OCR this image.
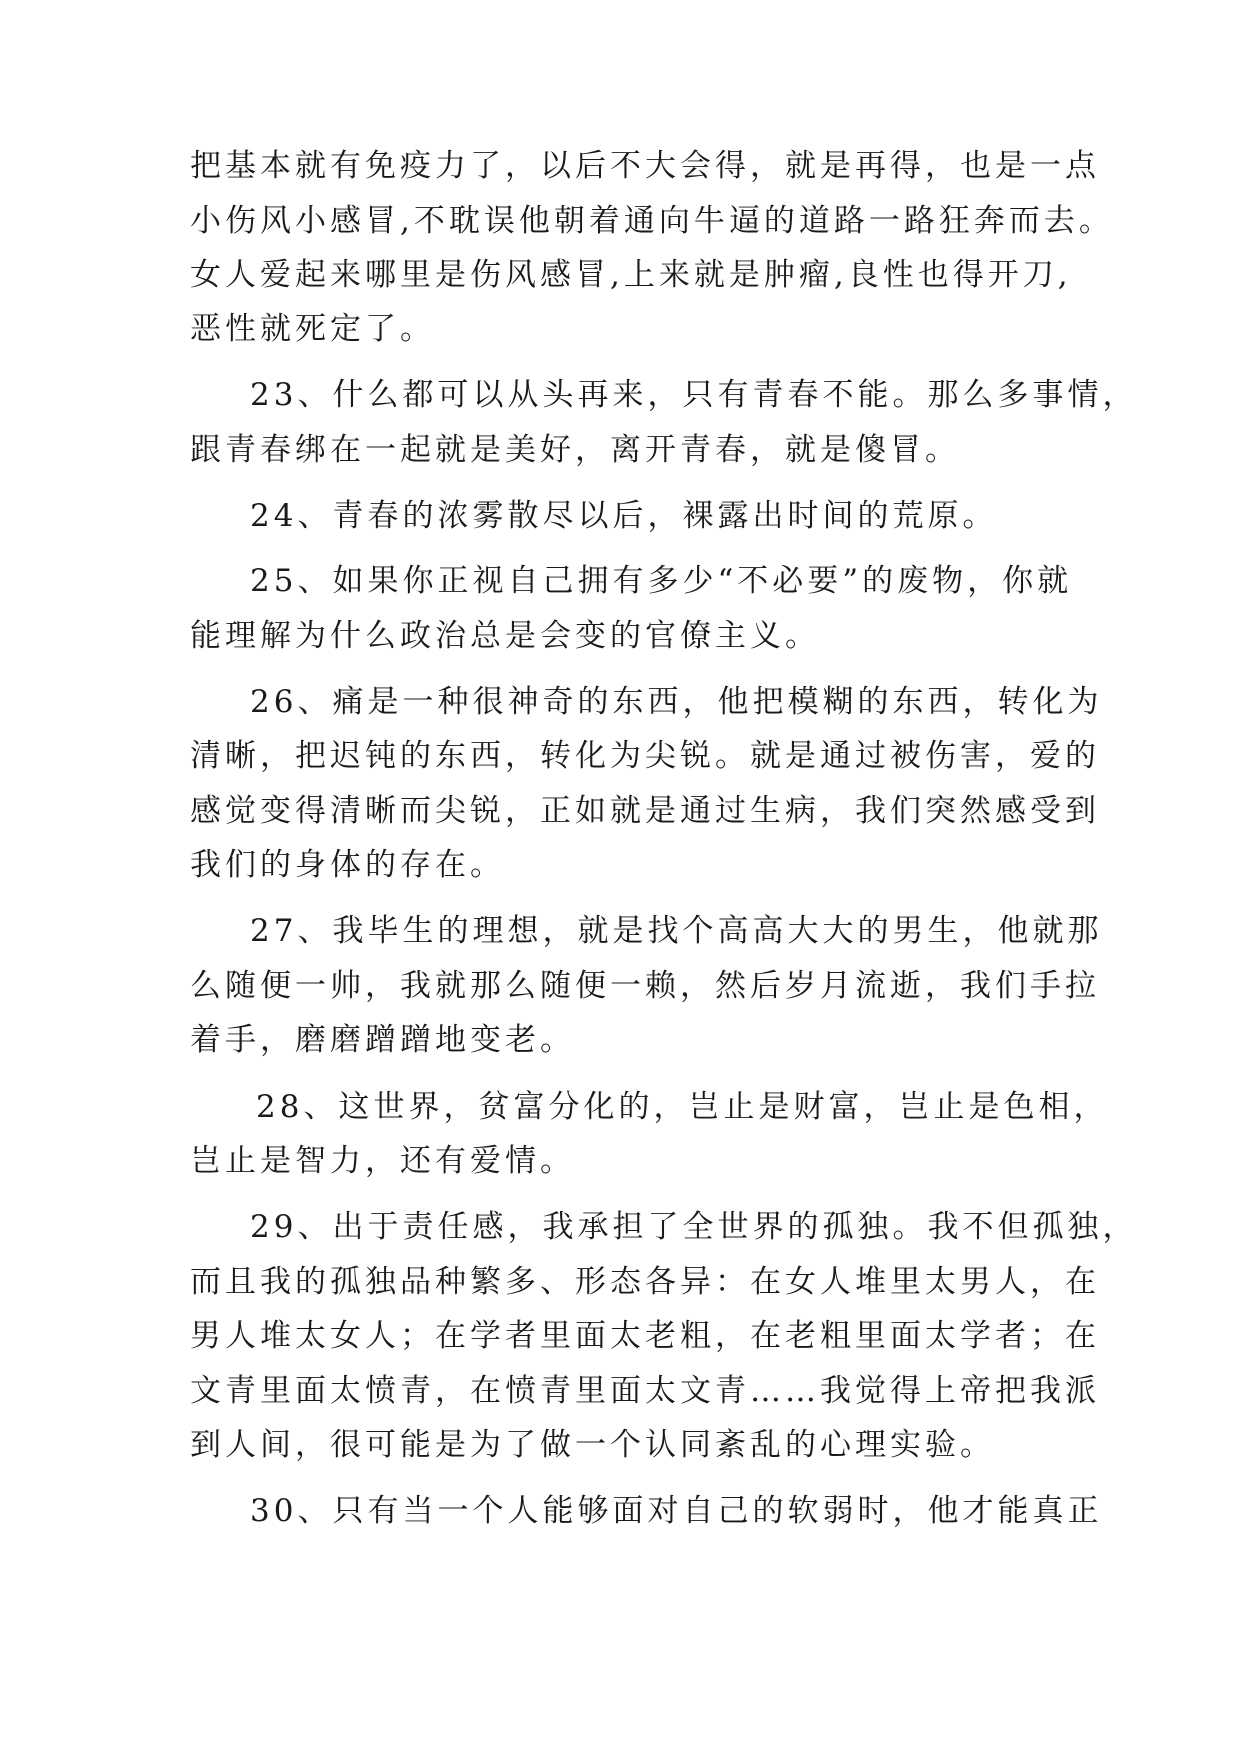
把基本就有免疫力了，以后不大会得，就是再得，也是一点
小伤风小感冒,不耽误他朝着通向牛逼的道路一路狂奔而去。
女人爱起来哪里是伤风感冒,上来就是肿瘤,良性也得开刀,
恶性就死定了。
23、什么都可以从头再来，只有青春不能。那么多事情，
跟青春绑在一起就是美好，离开青春，就是傻冒。
24、青春的浓雾散尽以后，裸露出时间的荒原。
25、如果你正视自己拥有多少“不必要”的废物，你就
能理解为什么政治总是会变的官僚主义。
26、痛是一种很神奇的东西，他把模糊的东西，转化为
清晰，把迟钝的东西，转化为尖锐。就是通过被伤害，爱的
感觉变得清晰而尖锐，正如就是通过生病，我们突然感受到
我们的身体的存在。
27、我毕生的理想，就是找个高高大大的男生，他就那
么随便一帅，我就那么随便一赖，然后岁月流逝，我们手拉
着手，磨磨蹭蹭地变老。
28、这世界，贫富分化的，岂止是财富，岂止是色相，
岂止是智力，还有爱情。
29、出于责任感，我承担了全世界的孤独。我不但孤独，
而且我的孤独品种繁多、形态各异：在女人堆里太男人，在
男人堆太女人；在学者里面太老粗，在老粗里面太学者；在
文青里面太愤青，在愤青里面太文青……我觉得上帝把我派
到人间，很可能是为了做一个认同紊乱的心理实验。
30、只有当一个人能够面对自己的软弱时，他才能真正
